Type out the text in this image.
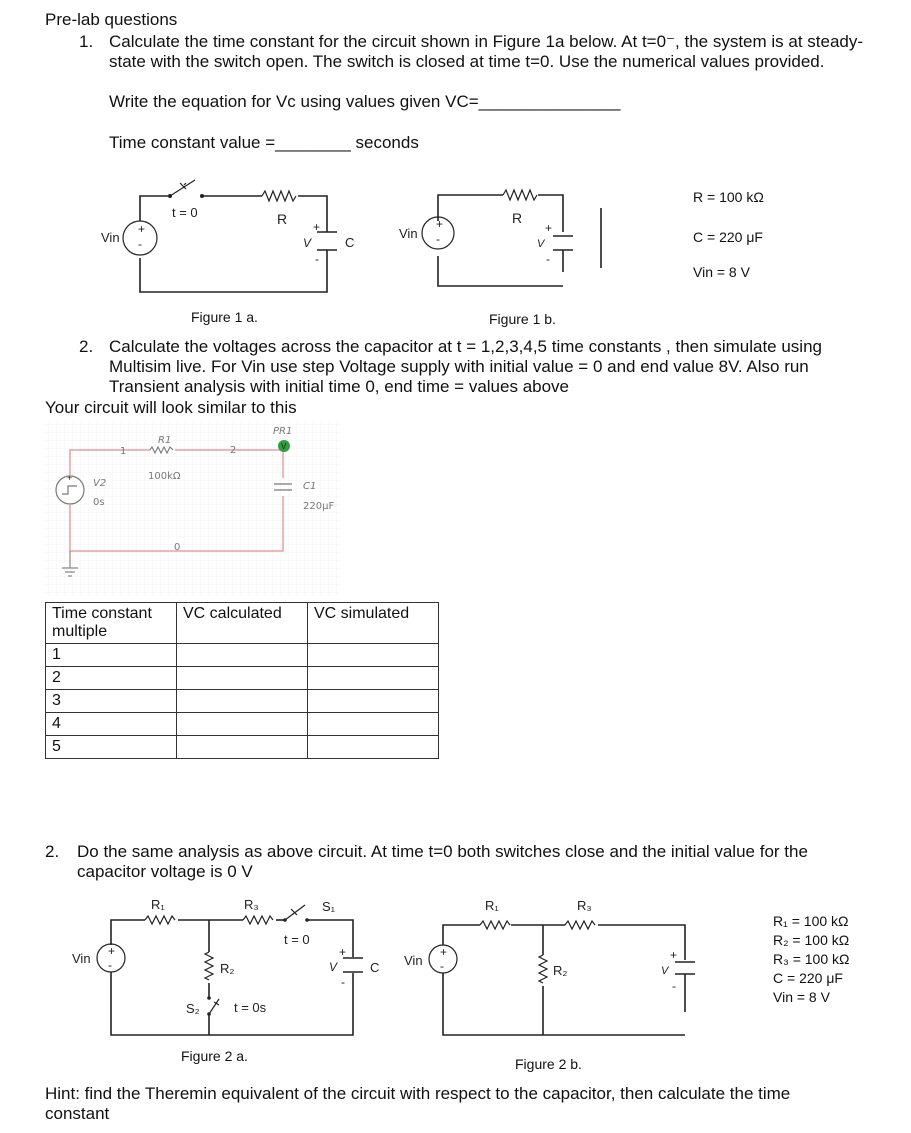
Pre-lab questions
1. Calculate the time constant for the circuit shown in Figure 1a below. At t=0⁻, the system is at steady-
state with the switch open. The switch is closed at time t=0. Use the numerical values provided.
Write the equation for Vc using values given VC=_______________
Time constant value =________ seconds
+
-
Vin
t = 0	R +
V
-
C
Figure 1 a.
+
-
Vin
R
+
V
-
Figure 1 b.
R = 100 kΩ
C = 220 μF
Vin = 8 V
2. Calculate the voltages across the capacitor at t = 1,2,3,4,5 time constants , then simulate using
Multisim live. For Vin use step Voltage supply with initial value = 0 and end value 8V. Also run
Transient analysis with initial time 0, end time = values above
Your circuit will look similar to this
+ V2
0s
1
R1
100kΩ
2
PR1
V
C1
220μF
0
Time constant multiple	VC calculated	VC simulated
1		
2		
3		
4		
5		
2. Do the same analysis as above circuit. At time t=0 both switches close and the initial value for the
capacitor voltage is 0 V
+
-
Vin
R₁	R₃	S₁
t = 0
R₂
S₂	t = 0s
+
V
-
C
Figure 2 a.
+
-
Vin
R₁	R₃
R₂
+
V
-
Figure 2 b.
R₁ = 100 kΩ
R₂ = 100 kΩ
R₃ = 100 kΩ
C = 220 μF
Vin = 8 V
Hint: find the Theremin equivalent of the circuit with respect to the capacitor, then calculate the time
constant
